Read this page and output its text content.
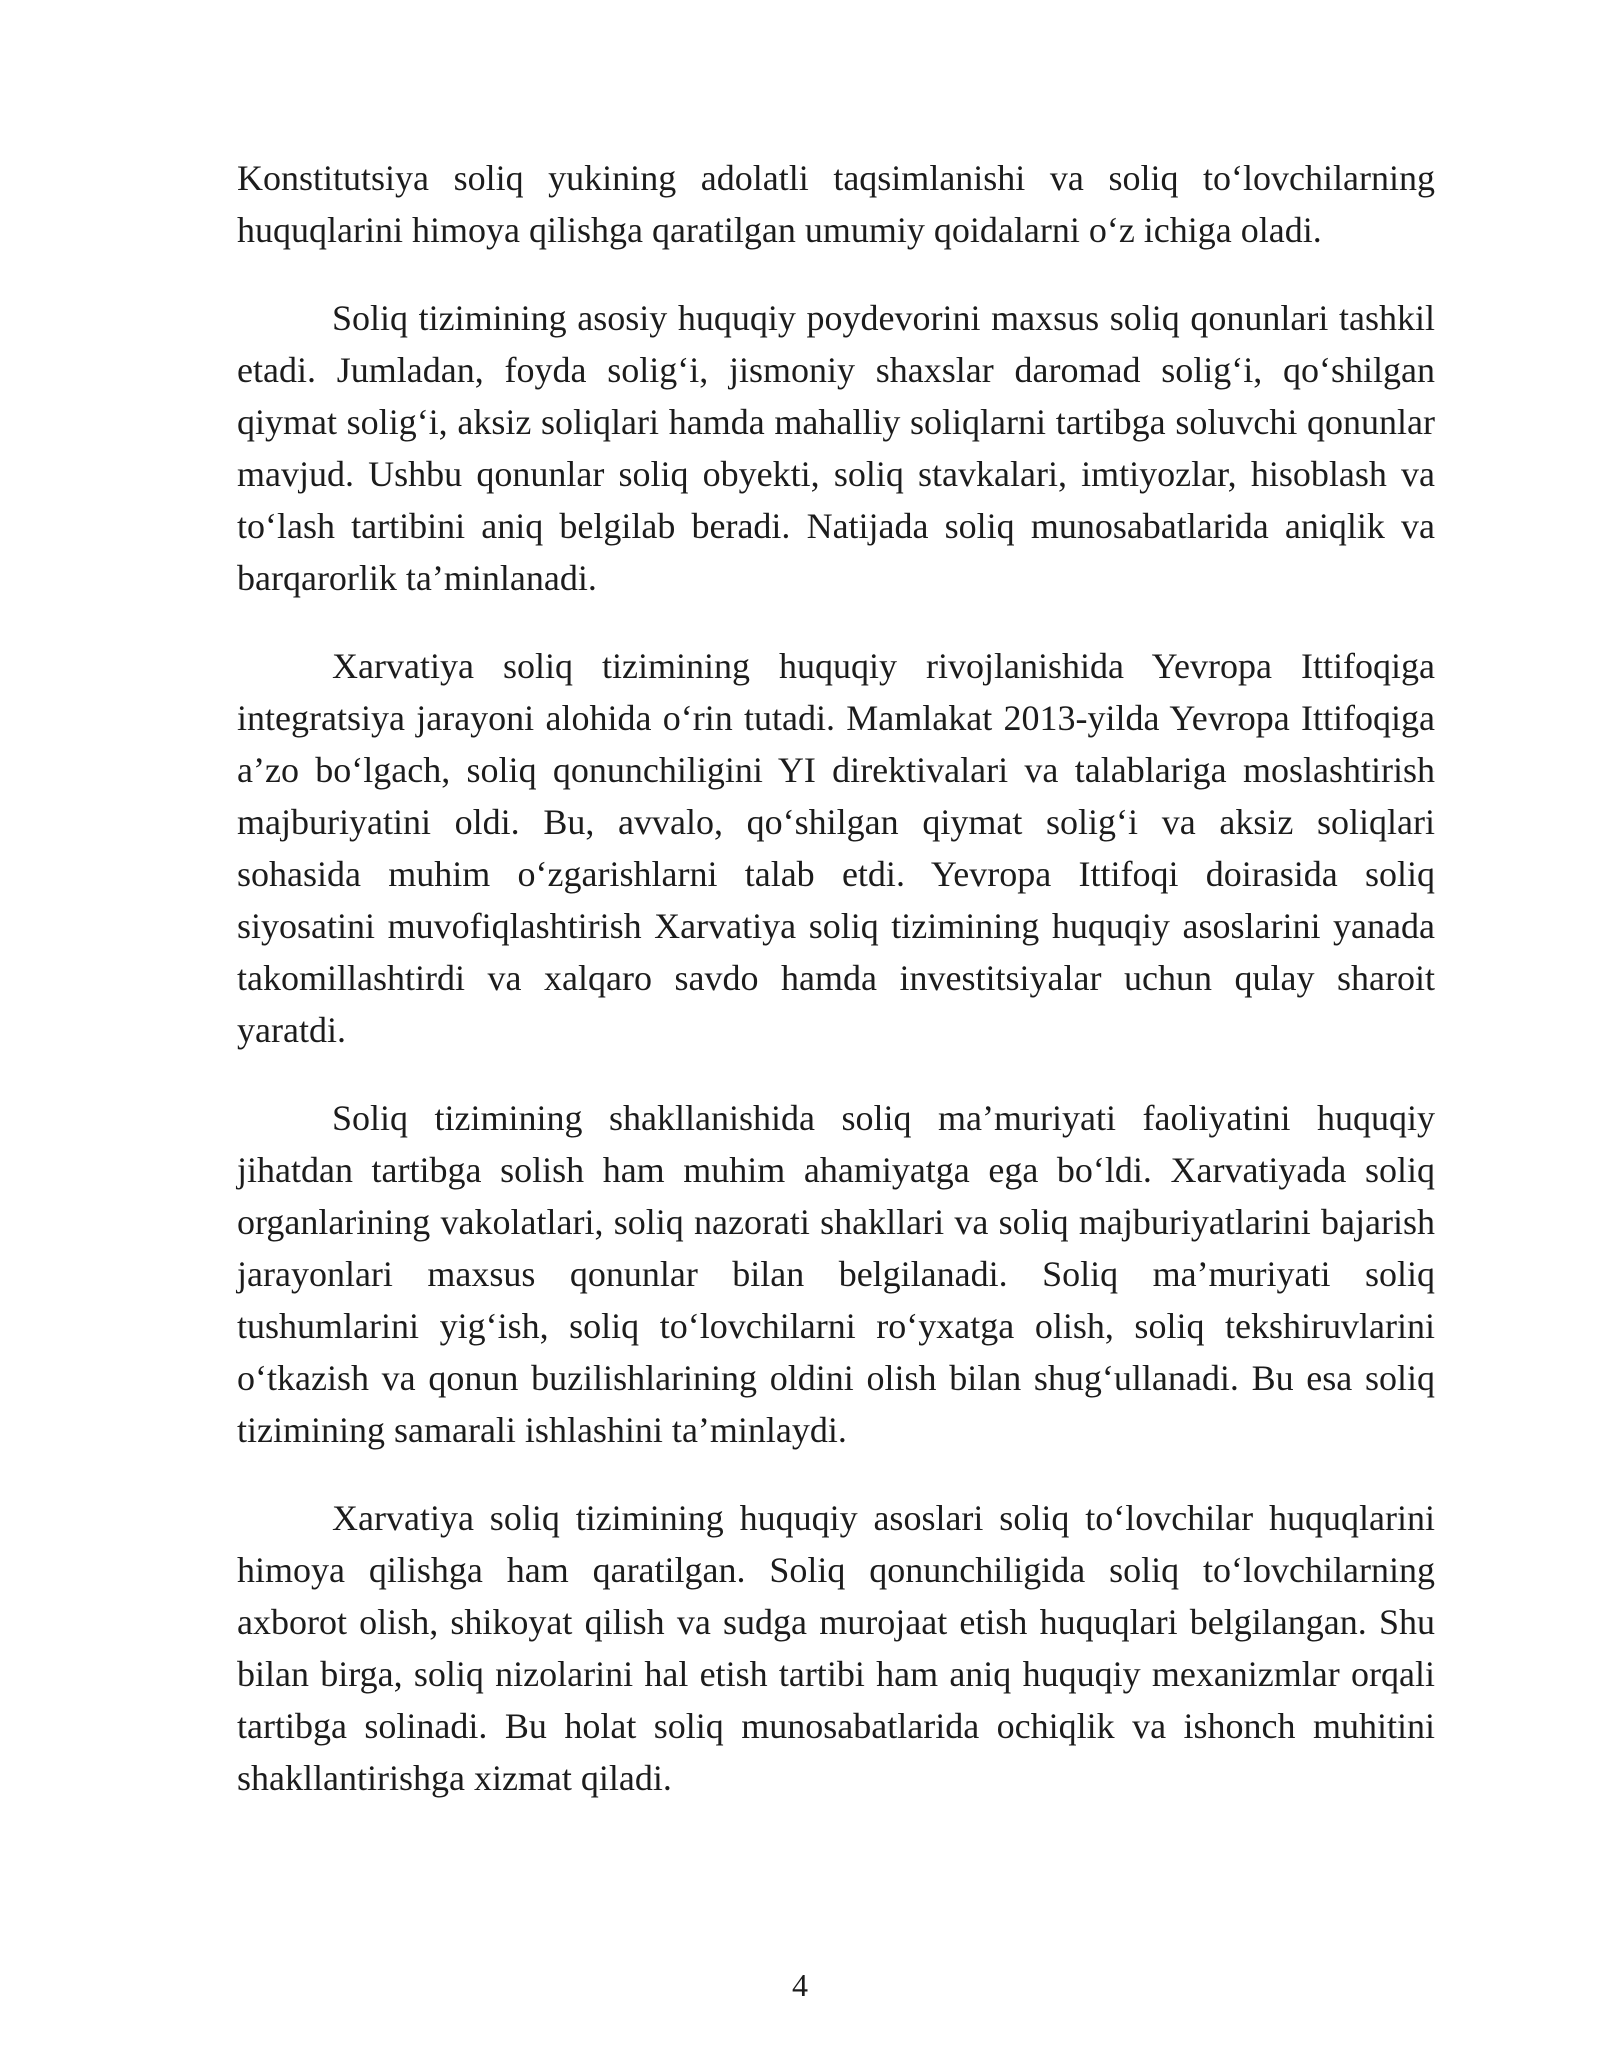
Konstitutsiya soliq yukining adolatli taqsimlanishi va soliq to‘lovchilarning huquqlarini himoya qilishga qaratilgan umumiy qoidalarni o‘z ichiga oladi.

Soliq tizimining asosiy huquqiy poydevorini maxsus soliq qonunlari tashkil etadi. Jumladan, foyda solig‘i, jismoniy shaxslar daromad solig‘i, qo‘shilgan qiymat solig‘i, aksiz soliqlari hamda mahalliy soliqlarni tartibga soluvchi qonunlar mavjud. Ushbu qonunlar soliq obyekti, soliq stavkalari, imtiyozlar, hisoblash va to‘lash tartibini aniq belgilab beradi. Natijada soliq munosabatlarida aniqlik va barqarorlik ta’minlanadi.

Xarvatiya soliq tizimining huquqiy rivojlanishida Yevropa Ittifoqiga integratsiya jarayoni alohida o‘rin tutadi. Mamlakat 2013-yilda Yevropa Ittifoqiga a’zo bo‘lgach, soliq qonunchiligini YI direktivalari va talablariga moslashtirish majburiyatini oldi. Bu, avvalo, qo‘shilgan qiymat solig‘i va aksiz soliqlari sohasida muhim o‘zgarishlarni talab etdi. Yevropa Ittifoqi doirasida soliq siyosatini muvofiqlashtirish Xarvatiya soliq tizimining huquqiy asoslarini yanada takomillashtirdi va xalqaro savdo hamda investitsiyalar uchun qulay sharoit yaratdi.

Soliq tizimining shakllanishida soliq ma’muriyati faoliyatini huquqiy jihatdan tartibga solish ham muhim ahamiyatga ega bo‘ldi. Xarvatiyada soliq organlarining vakolatlari, soliq nazorati shakllari va soliq majburiyatlarini bajarish jarayonlari maxsus qonunlar bilan belgilanadi. Soliq ma’muriyati soliq tushumlarini yig‘ish, soliq to‘lovchilarni ro‘yxatga olish, soliq tekshiruvlarini o‘tkazish va qonun buzilishlarining oldini olish bilan shug‘ullanadi. Bu esa soliq tizimining samarali ishlashini ta’minlaydi.

Xarvatiya soliq tizimining huquqiy asoslari soliq to‘lovchilar huquqlarini himoya qilishga ham qaratilgan. Soliq qonunchiligida soliq to‘lovchilarning axborot olish, shikoyat qilish va sudga murojaat etish huquqlari belgilangan. Shu bilan birga, soliq nizolarini hal etish tartibi ham aniq huquqiy mexanizmlar orqali tartibga solinadi. Bu holat soliq munosabatlarida ochiqlik va ishonch muhitini shakllantirishga xizmat qiladi.

4
